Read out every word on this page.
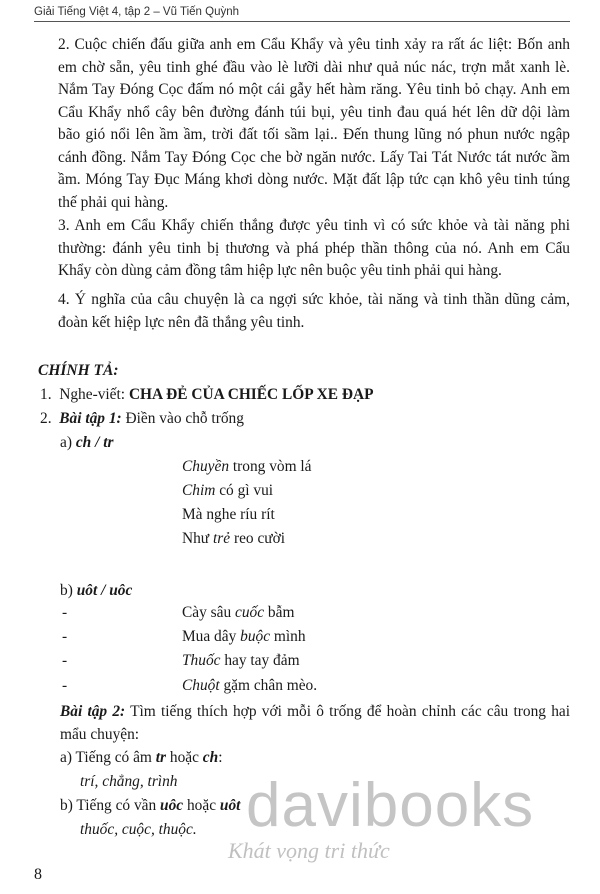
Giải Tiếng Việt 4, tập 2 – Vũ Tiến Quỳnh
2. Cuộc chiến đấu giữa anh em Cẩu Khẩy và yêu tinh xảy ra rất ác liệt: Bốn anh em chờ sẵn, yêu tinh ghé đầu vào lè lưỡi dài như quả núc nác, trợn mắt xanh lè. Nắm Tay Đóng Cọc đấm nó một cái gẫy hết hàm răng. Yêu tinh bỏ chạy. Anh em Cẩu Khẩy nhổ cây bên đường đánh túi bụi, yêu tinh đau quá hét lên dữ dội làm bão gió nổi lên ầm ầm, trời đất tối sầm lại.. Đến thung lũng nó phun nước ngập cánh đồng. Nắm Tay Đóng Cọc che bờ ngăn nước. Lấy Tai Tát Nước tát nước ầm ầm. Móng Tay Đục Máng khơi dòng nước. Mặt đất lập tức cạn khô yêu tinh túng thế phải qui hàng.
3. Anh em Cẩu Khẩy chiến thắng được yêu tinh vì có sức khỏe và tài năng phi thường: đánh yêu tinh bị thương và phá phép thần thông của nó. Anh em Cẩu Khẩy còn dùng cảm đồng tâm hiệp lực nên buộc yêu tinh phải qui hàng.
4. Ý nghĩa của câu chuyện là ca ngợi sức khỏe, tài năng và tinh thần dũng cảm, đoàn kết hiệp lực nên đã thắng yêu tinh.
CHÍNH TẢ:
1. Nghe-viết: CHA ĐẺ CỦA CHIẾC LỐP XE ĐẠP
2. Bài tập 1: Điền vào chỗ trống
a) ch / tr
Chuyền trong vòm lá
Chim có gì vui
Mà nghe ríu rít
Như trẻ reo cười
b) uôt / uôc
-	Cày sâu cuốc bẫm
-	Mua dây buộc mình
-	Thuốc hay tay đảm
-	Chuột gặm chân mèo.
Bài tập 2: Tìm tiếng thích hợp với mỗi ô trống để hoàn chỉnh các câu trong hai mẩu chuyện:
a) Tiếng có âm tr hoặc ch:
trí, chẳng, trình
b) Tiếng có vần uôc hoặc uôt
thuốc, cuộc, thuộc. davibooks
Khát vọng tri thức
8
